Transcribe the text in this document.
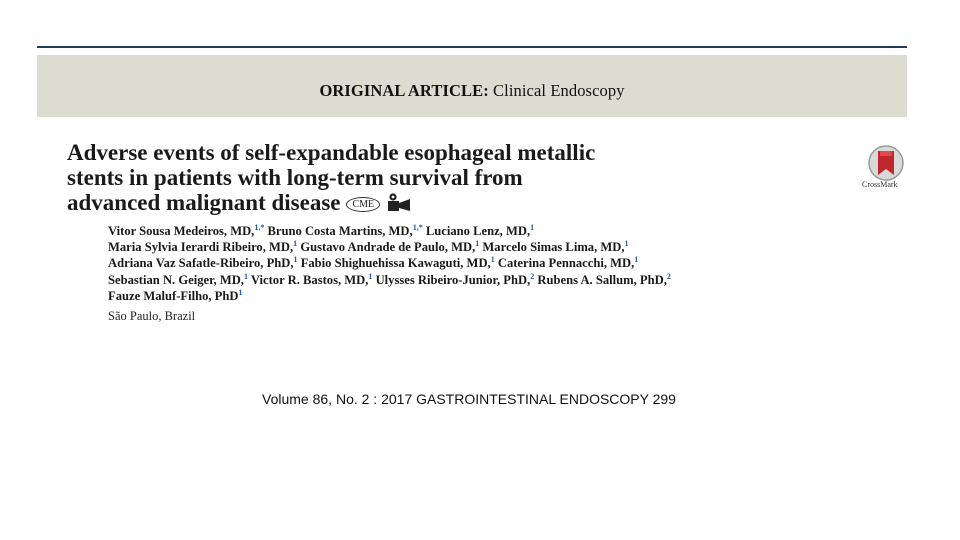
ORIGINAL ARTICLE: Clinical Endoscopy
Adverse events of self-expandable esophageal metallic
stents in patients with long-term survival from
advanced malignant disease CME
CrossMark
Vitor Sousa Medeiros, MD,$^{1,*}$ Bruno Costa Martins, MD,$^{1,*}$ Luciano Lenz, MD,$^1$
Maria Sylvia Ierardi Ribeiro, MD,$^1$ Gustavo Andrade de Paulo, MD,$^1$ Marcelo Simas Lima, MD,$^1$
Adriana Vaz Safatle-Ribeiro, PhD,$^1$ Fabio Shighuehissa Kawaguti, MD,$^1$ Caterina Pennacchi, MD,$^1$
Sebastian N. Geiger, MD,$^1$ Victor R. Bastos, MD,$^1$ Ulysses Ribeiro-Junior, PhD,$^2$ Rubens A. Sallum, PhD,$^2$
Fauze Maluf-Filho, PhD$^1$
São Paulo, Brazil
Volume 86, No. 2 : 2017 GASTROINTESTINAL ENDOSCOPY 299
